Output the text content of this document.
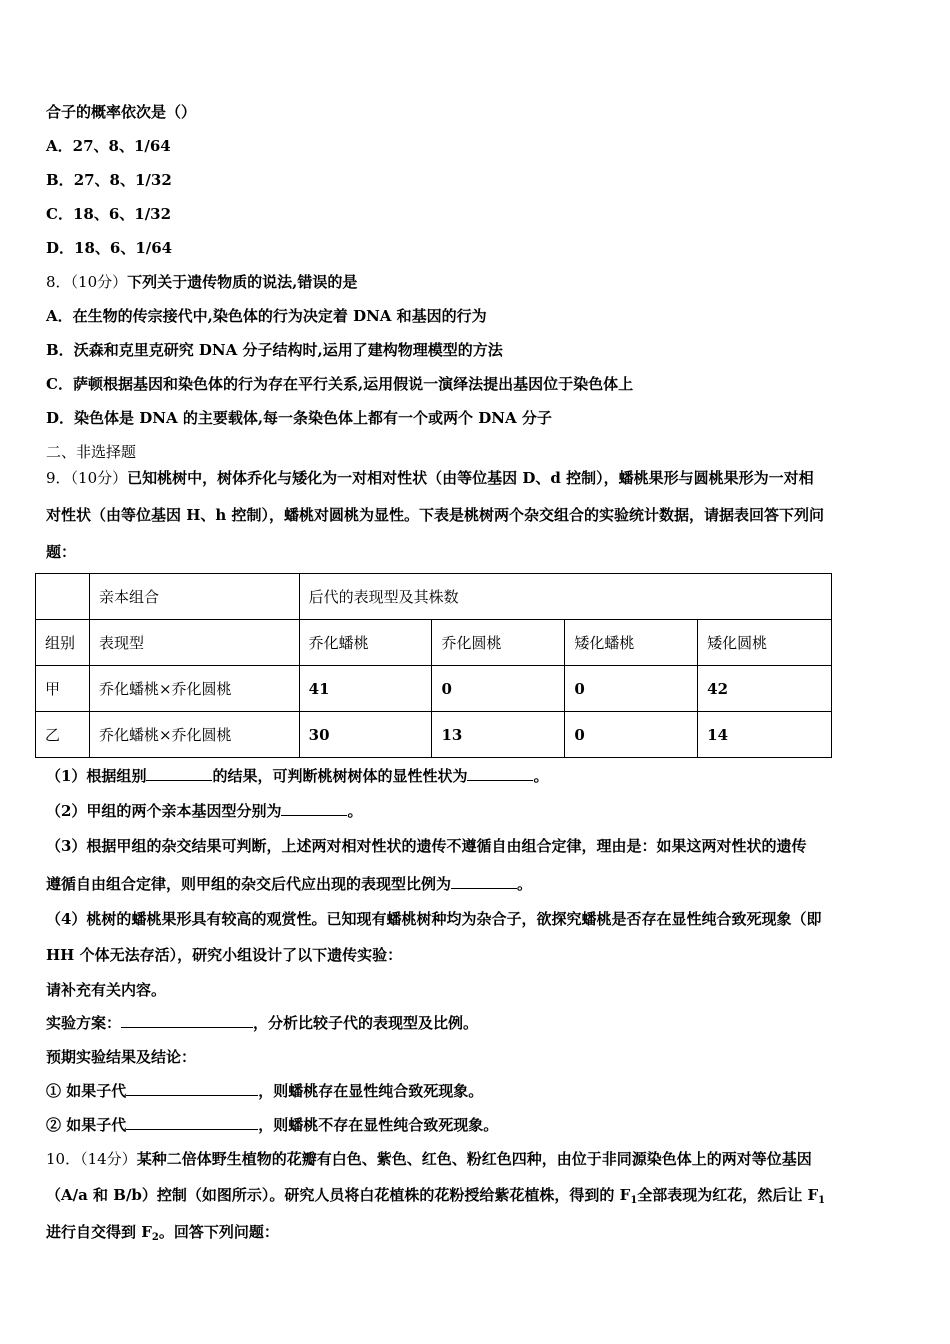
合子的概率依次是（）
A．27、8、1/64
B．27、8、1/32
C．18、6、1/32
D．18、6、1/64
8．（10分）下列关于遗传物质的说法,错误的是
A．在生物的传宗接代中,染色体的行为决定着 DNA 和基因的行为
B．沃森和克里克研究 DNA 分子结构时,运用了建构物理模型的方法
C．萨顿根据基因和染色体的行为存在平行关系,运用假说一演绎法提出基因位于染色体上
D．染色体是 DNA 的主要载体,每一条染色体上都有一个或两个 DNA 分子
二、非选择题
9．（10分）已知桃树中，树体乔化与矮化为一对相对性状（由等位基因 D、d 控制），蟠桃果形与圆桃果形为一对相
对性状（由等位基因 H、h 控制），蟠桃对圆桃为显性。下表是桃树两个杂交组合的实验统计数据，请据表回答下列问
题：
	亲本组合	后代的表现型及其株数			
组别	表现型	乔化蟠桃	乔化圆桃	矮化蟠桃	矮化圆桃
甲	乔化蟠桃×乔化圆桃	41	0	0	42
乙	乔化蟠桃×乔化圆桃	30	13	0	14
（1）根据组别	的结果，可判断桃树树体的显性性状为	。
（2）甲组的两个亲本基因型分别为	。
（3）根据甲组的杂交结果可判断，上述两对相对性状的遗传不遵循自由组合定律，理由是：如果这两对性状的遗传
遵循自由组合定律，则甲组的杂交后代应出现的表现型比例为	。
（4）桃树的蟠桃果形具有较高的观赏性。已知现有蟠桃树种均为杂合子，欲探究蟠桃是否存在显性纯合致死现象（即
HH 个体无法存活），研究小组设计了以下遗传实验：
请补充有关内容。
实验方案：	，分析比较子代的表现型及比例。
预期实验结果及结论：
① 如果子代	，则蟠桃存在显性纯合致死现象。
② 如果子代	，则蟠桃不存在显性纯合致死现象。
10．（14分）某种二倍体野生植物的花瓣有白色、紫色、红色、粉红色四种，由位于非同源染色体上的两对等位基因
（A/a 和 B/b）控制（如图所示）。研究人员将白花植株的花粉授给紫花植株，得到的 $F_1$全部表现为红花，然后让 $F_1$
进行自交得到 $F_2$。回答下列问题：
